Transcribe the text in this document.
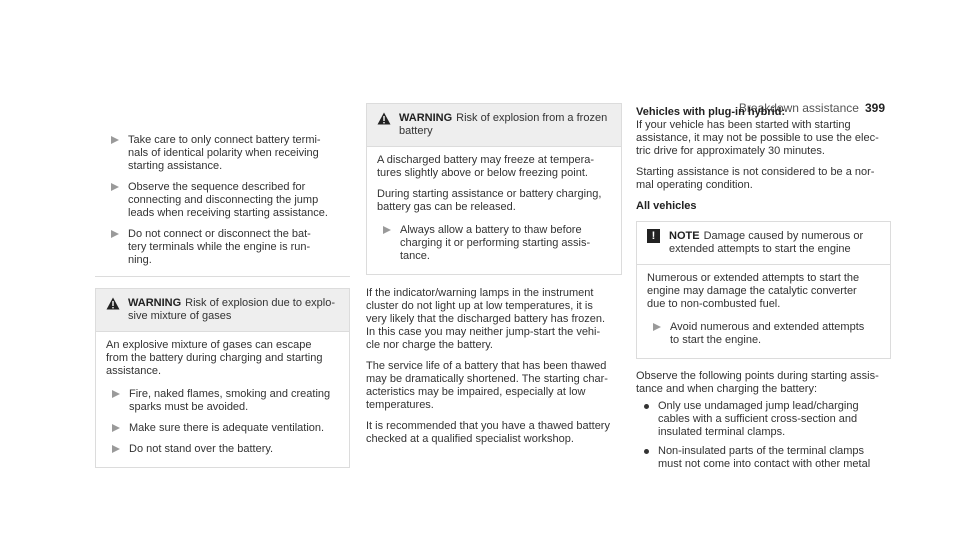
Breakdown assistance 399
Take care to only connect battery termi-
nals of identical polarity when receiving
starting assistance.
Observe the sequence described for
connecting and disconnecting the jump
leads when receiving starting assistance.
Do not connect or disconnect the bat-
tery terminals while the engine is run-
ning.
WARNING Risk of explosion due to explo-
sive mixture of gases

An explosive mixture of gases can escape
from the battery during charging and starting
assistance.

Fire, naked flames, smoking and creating
sparks must be avoided.
Make sure there is adequate ventilation.
Do not stand over the battery.
WARNING Risk of explosion from a frozen
battery

A discharged battery may freeze at tempera-
tures slightly above or below freezing point.

During starting assistance or battery charging,
battery gas can be released.

Always allow a battery to thaw before
charging it or performing starting assis-
tance.

If the indicator/warning lamps in the instrument
cluster do not light up at low temperatures, it is
very likely that the discharged battery has frozen.
In this case you may neither jump-start the vehi-
cle nor charge the battery.

The service life of a battery that has been thawed
may be dramatically shortened. The starting char-
acteristics may be impaired, especially at low
temperatures.

It is recommended that you have a thawed battery
checked at a qualified specialist workshop.

Vehicles with plug-in hybrid:

If your vehicle has been started with starting
assistance, it may not be possible to use the elec-
tric drive for approximately 30 minutes.

Starting assistance is not considered to be a nor-
mal operating condition.

All vehicles

!	NOTE Damage caused by numerous or
extended attempts to start the engine

Numerous or extended attempts to start the
engine may damage the catalytic converter
due to non-combusted fuel.

Avoid numerous and extended attempts
to start the engine.

Observe the following points during starting assis-
tance and when charging the battery:

Only use undamaged jump lead/charging
cables with a sufficient cross-section and
insulated terminal clamps.
Non-insulated parts of the terminal clamps
must not come into contact with other metal
